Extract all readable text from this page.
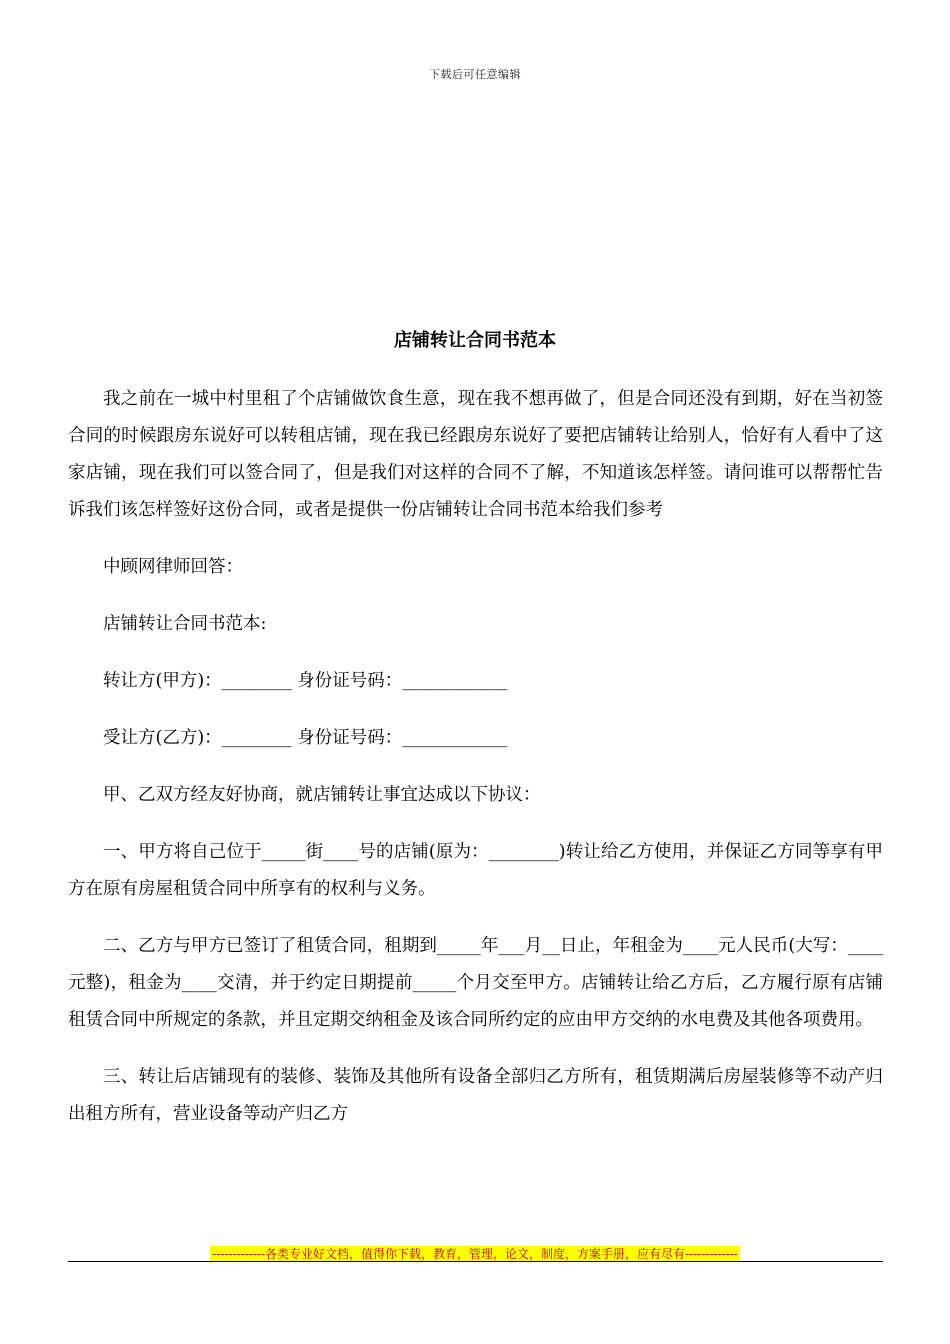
下载后可任意编辑
店铺转让合同书范本

我之前在一城中村里租了个店铺做饮食生意，现在我不想再做了，但是合同还没有到期，好在当初签合同的时候跟房东说好可以转租店铺，现在我已经跟房东说好了要把店铺转让给别人，恰好有人看中了这家店铺，现在我们可以签合同了，但是我们对这样的合同不了解，不知道该怎样签。请问谁可以帮帮忙告诉我们该怎样签好这份合同，或者是提供一份店铺转让合同书范本给我们参考

中顾网律师回答：

店铺转让合同书范本:

转让方(甲方)：________ 身份证号码：____________

受让方(乙方)：________ 身份证号码：____________

甲、乙双方经友好协商，就店铺转让事宜达成以下协议：

一、甲方将自己位于_____街____号的店铺(原为：________)转让给乙方使用，并保证乙方同等享有甲方在原有房屋租赁合同中所享有的权利与义务。

二、乙方与甲方已签订了租赁合同，租期到_____年___月__日止，年租金为____元人民币(大写：____元整)，租金为____交清，并于约定日期提前_____个月交至甲方。店铺转让给乙方后，乙方履行原有店铺租赁合同中所规定的条款，并且定期交纳租金及该合同所约定的应由甲方交纳的水电费及其他各项费用。

三、转让后店铺现有的装修、装饰及其他所有设备全部归乙方所有，租赁期满后房屋装修等不动产归出租方所有，营业设备等动产归乙方

-------------各类专业好文档，值得你下载，教育，管理，论文，制度，方案手册，应有尽有-------------
